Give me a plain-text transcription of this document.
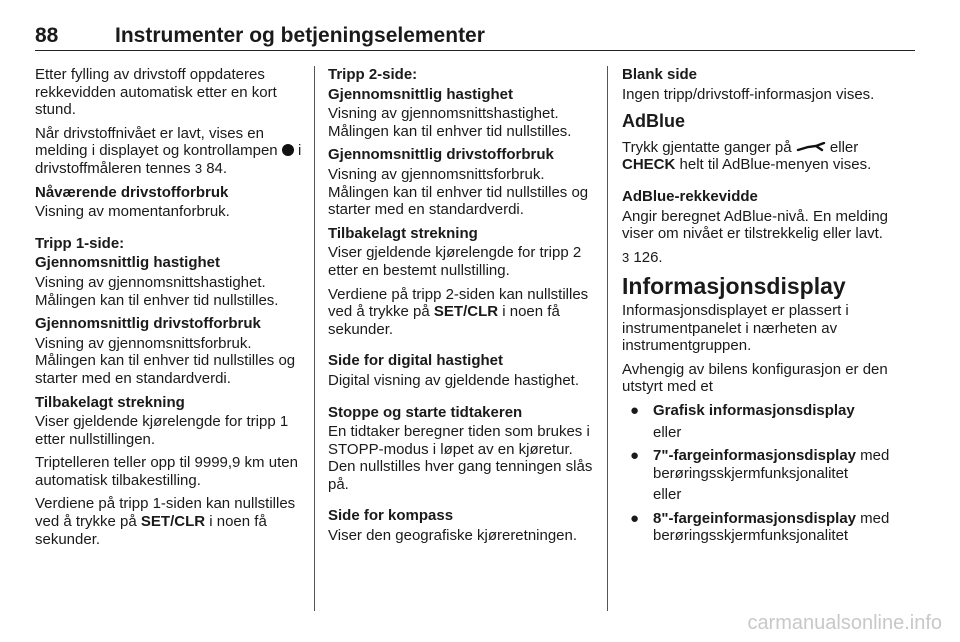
88	Instrumenter og betjeningselementer

Etter fylling av drivstoff oppdateres rekkevidden automatisk etter en kort stund.

Når drivstoffnivået er lavt, vises en melding i displayet og kontrollampen i drivstoffmåleren tennes 3 84.

Nåværende drivstofforbruk

Visning av momentanforbruk.

Tripp 1-side:

Gjennomsnittlig hastighet

Visning av gjennomsnittshastighet. Målingen kan til enhver tid nullstilles.

Gjennomsnittlig drivstofforbruk

Visning av gjennomsnittsforbruk. Målingen kan til enhver tid nullstilles og starter med en standardverdi.

Tilbakelagt strekning

Viser gjeldende kjørelengde for tripp 1 etter nullstillingen.

Triptelleren teller opp til 9999,9 km uten automatisk tilbakestilling.

Verdiene på tripp 1-siden kan nullstilles ved å trykke på SET/CLR i noen få sekunder.

Tripp 2-side:

Gjennomsnittlig hastighet

Visning av gjennomsnittshastighet. Målingen kan til enhver tid nullstilles.

Gjennomsnittlig drivstofforbruk

Visning av gjennomsnittsforbruk. Målingen kan til enhver tid nullstilles og starter med en standardverdi.

Tilbakelagt strekning

Viser gjeldende kjørelengde for tripp 2 etter en bestemt nullstilling.

Verdiene på tripp 2-siden kan nullstilles ved å trykke på SET/CLR i noen få sekunder.

Side for digital hastighet

Digital visning av gjeldende hastighet.

Stoppe og starte tidtakeren

En tidtaker beregner tiden som brukes i STOPP-modus i løpet av en kjøretur. Den nullstilles hver gang tenningen slås på.

Side for kompass

Viser den geografiske kjøreretningen.

Blank side

Ingen tripp/drivstoff-informasjon vises.

AdBlue

Trykk gjentatte ganger på	eller
CHECK helt til AdBlue-menyen vises.

AdBlue-rekkevidde

Angir beregnet AdBlue-nivå. En melding viser om nivået er tilstrekkelig eller lavt.

3 126.

Informasjonsdisplay

Informasjonsdisplayet er plassert i instrumentpanelet i nærheten av instrumentgruppen.

Avhengig av bilens konfigurasjon er den utstyrt med et

● Grafisk informasjonsdisplay
eller
● 7"-fargeinformasjonsdisplay med berøringsskjermfunksjonalitet
eller
● 8"-fargeinformasjonsdisplay med berøringsskjermfunksjonalitet
carmanualsonline.info
